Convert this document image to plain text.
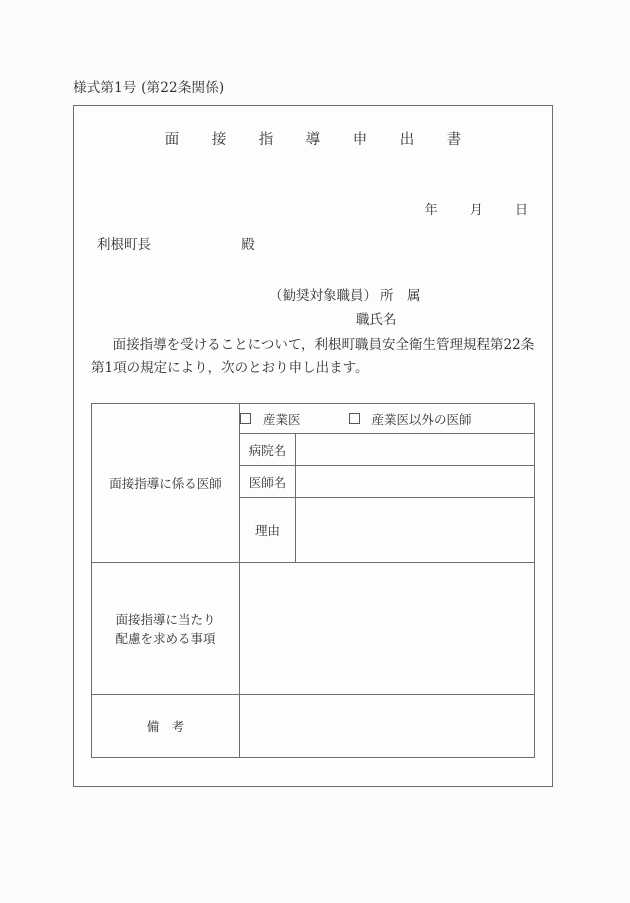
様式第1号 (第22条関係)
面　接　指　導　申　出　書
年 月 日
利根町長	殿
（勧奨対象職員） 所　属
職氏名
面接指導を受けることについて，利根町職員安全衛生管理規程第22条第1項の規定により，次のとおり申し出ます。
面接指導に係る医師	産業医 産業医以外の医師	

	病院名	
	医師名	
	理由	
面接指導に当たり
配慮を求める事項		
備　考		
